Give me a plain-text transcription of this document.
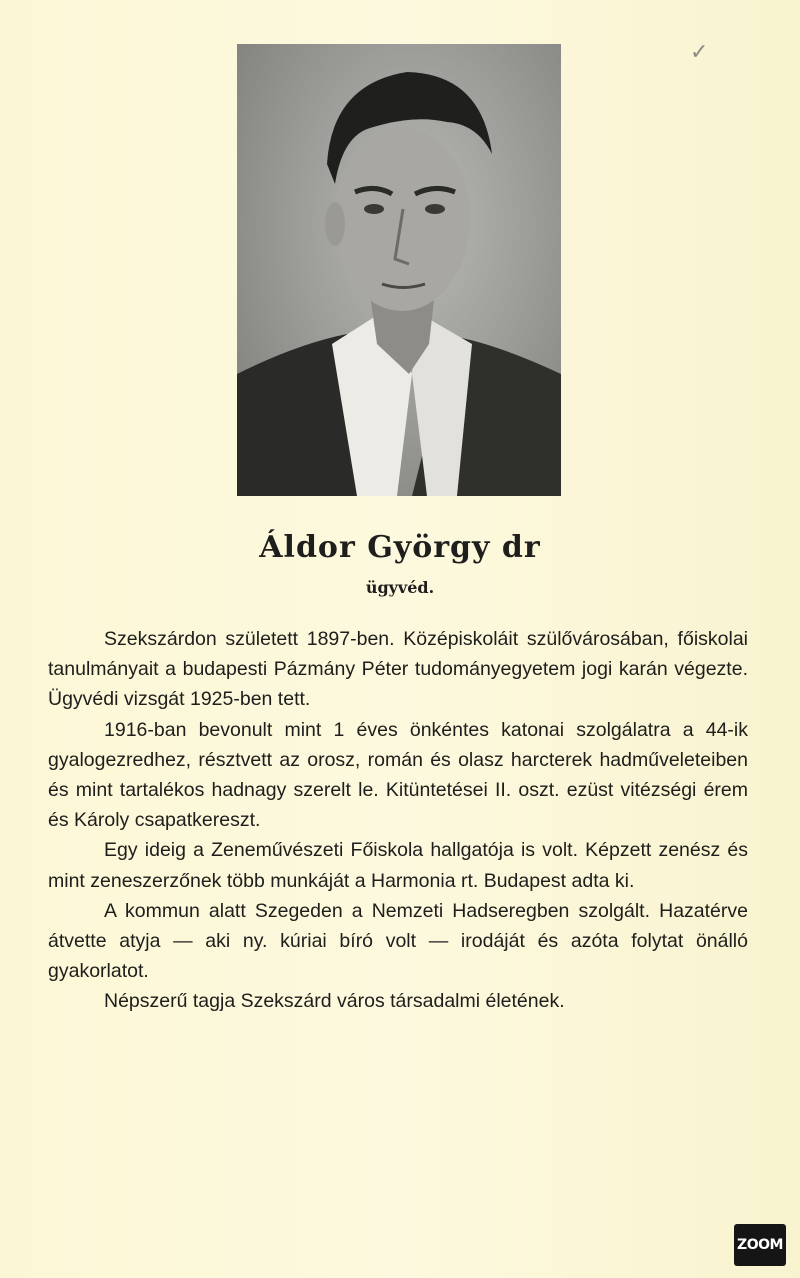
✓
Áldor György dr
ügyvéd.

Szekszárdon született 1897-ben. Középiskoláit szülővárosában, főiskolai tanulmányait a budapesti Pázmány Péter tudományegyetem jogi karán végezte. Ügyvédi vizsgát 1925-ben tett.

1916-ban bevonult mint 1 éves önkéntes katonai szolgálatra a 44-ik gyalogezredhez, résztvett az orosz, román és olasz harcterek hadműveleteiben és mint tartalékos hadnagy szerelt le. Kitüntetései II. oszt. ezüst vitézségi érem és Károly csapatkereszt.

Egy ideig a Zeneművészeti Főiskola hallgatója is volt. Képzett zenész és mint zeneszerzőnek több munkáját a Harmonia rt. Budapest adta ki.

A kommun alatt Szegeden a Nemzeti Hadseregben szolgált. Hazatérve átvette atyja — aki ny. kúriai bíró volt — irodáját és azóta folytat önálló gyakorlatot.

Népszerű tagja Szekszárd város társadalmi életének.

ZOOM
